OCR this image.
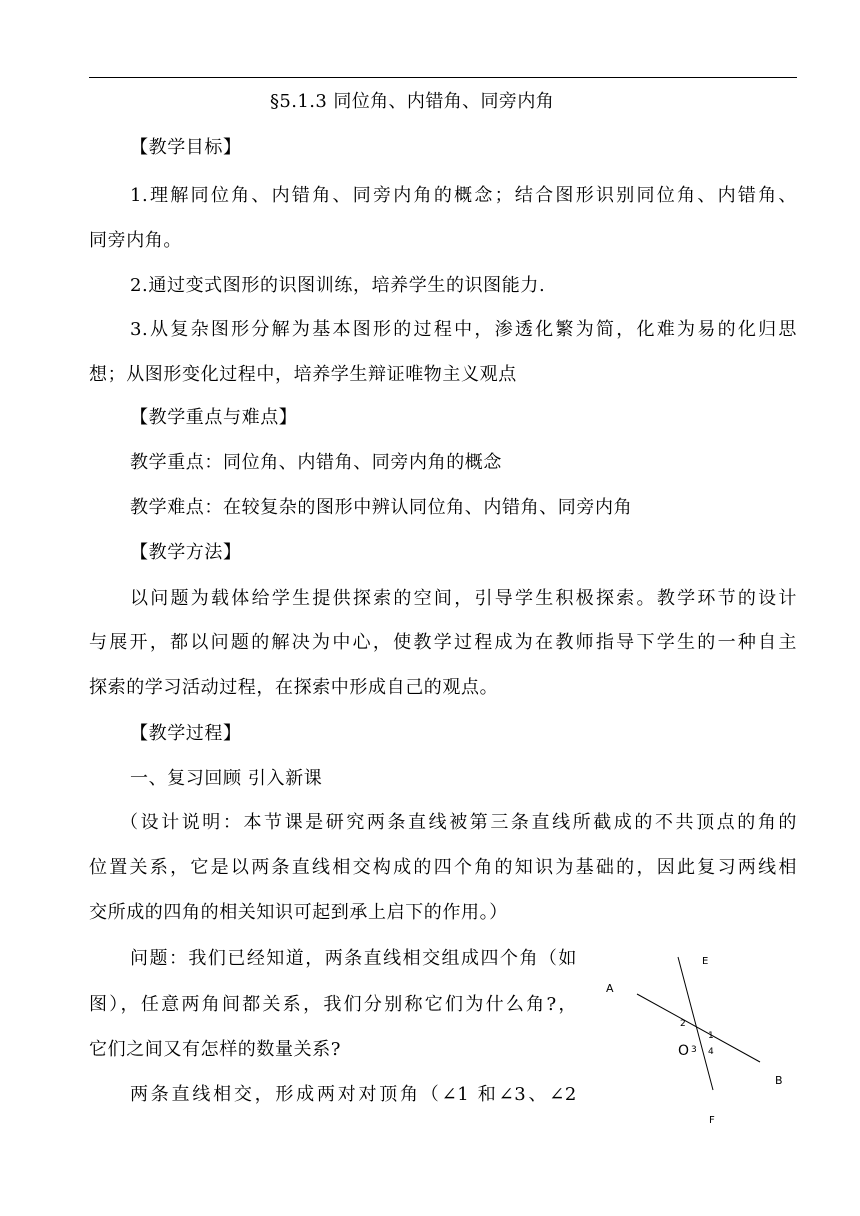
§5.1.3 同位角、内错角、同旁内角
【教学目标】
1.理解同位角、内错角、同旁内角的概念；结合图形识别同位角、内错角、
同旁内角。
2.通过变式图形的识图训练，培养学生的识图能力.
3.从复杂图形分解为基本图形的过程中，渗透化繁为简，化难为易的化归思
想；从图形变化过程中，培养学生辩证唯物主义观点
【教学重点与难点】
教学重点：同位角、内错角、同旁内角的概念
教学难点：在较复杂的图形中辨认同位角、内错角、同旁内角
【教学方法】
以问题为载体给学生提供探索的空间，引导学生积极探索。教学环节的设计
与展开，都以问题的解决为中心，使教学过程成为在教师指导下学生的一种自主
探索的学习活动过程，在探索中形成自己的观点。
【教学过程】
一、复习回顾 引入新课
（设计说明：本节课是研究两条直线被第三条直线所截成的不共顶点的角的
位置关系，它是以两条直线相交构成的四个角的知识为基础的，因此复习两线相
交所成的四角的相关知识可起到承上启下的作用。）
问题：我们已经知道，两条直线相交组成四个角（如
图），任意两角间都关系，我们分别称它们为什么角?，
它们之间又有怎样的数量关系?
两条直线相交，形成两对对顶角（∠1 和∠3、∠2
A
B
E
F
O
1
2
3 4
